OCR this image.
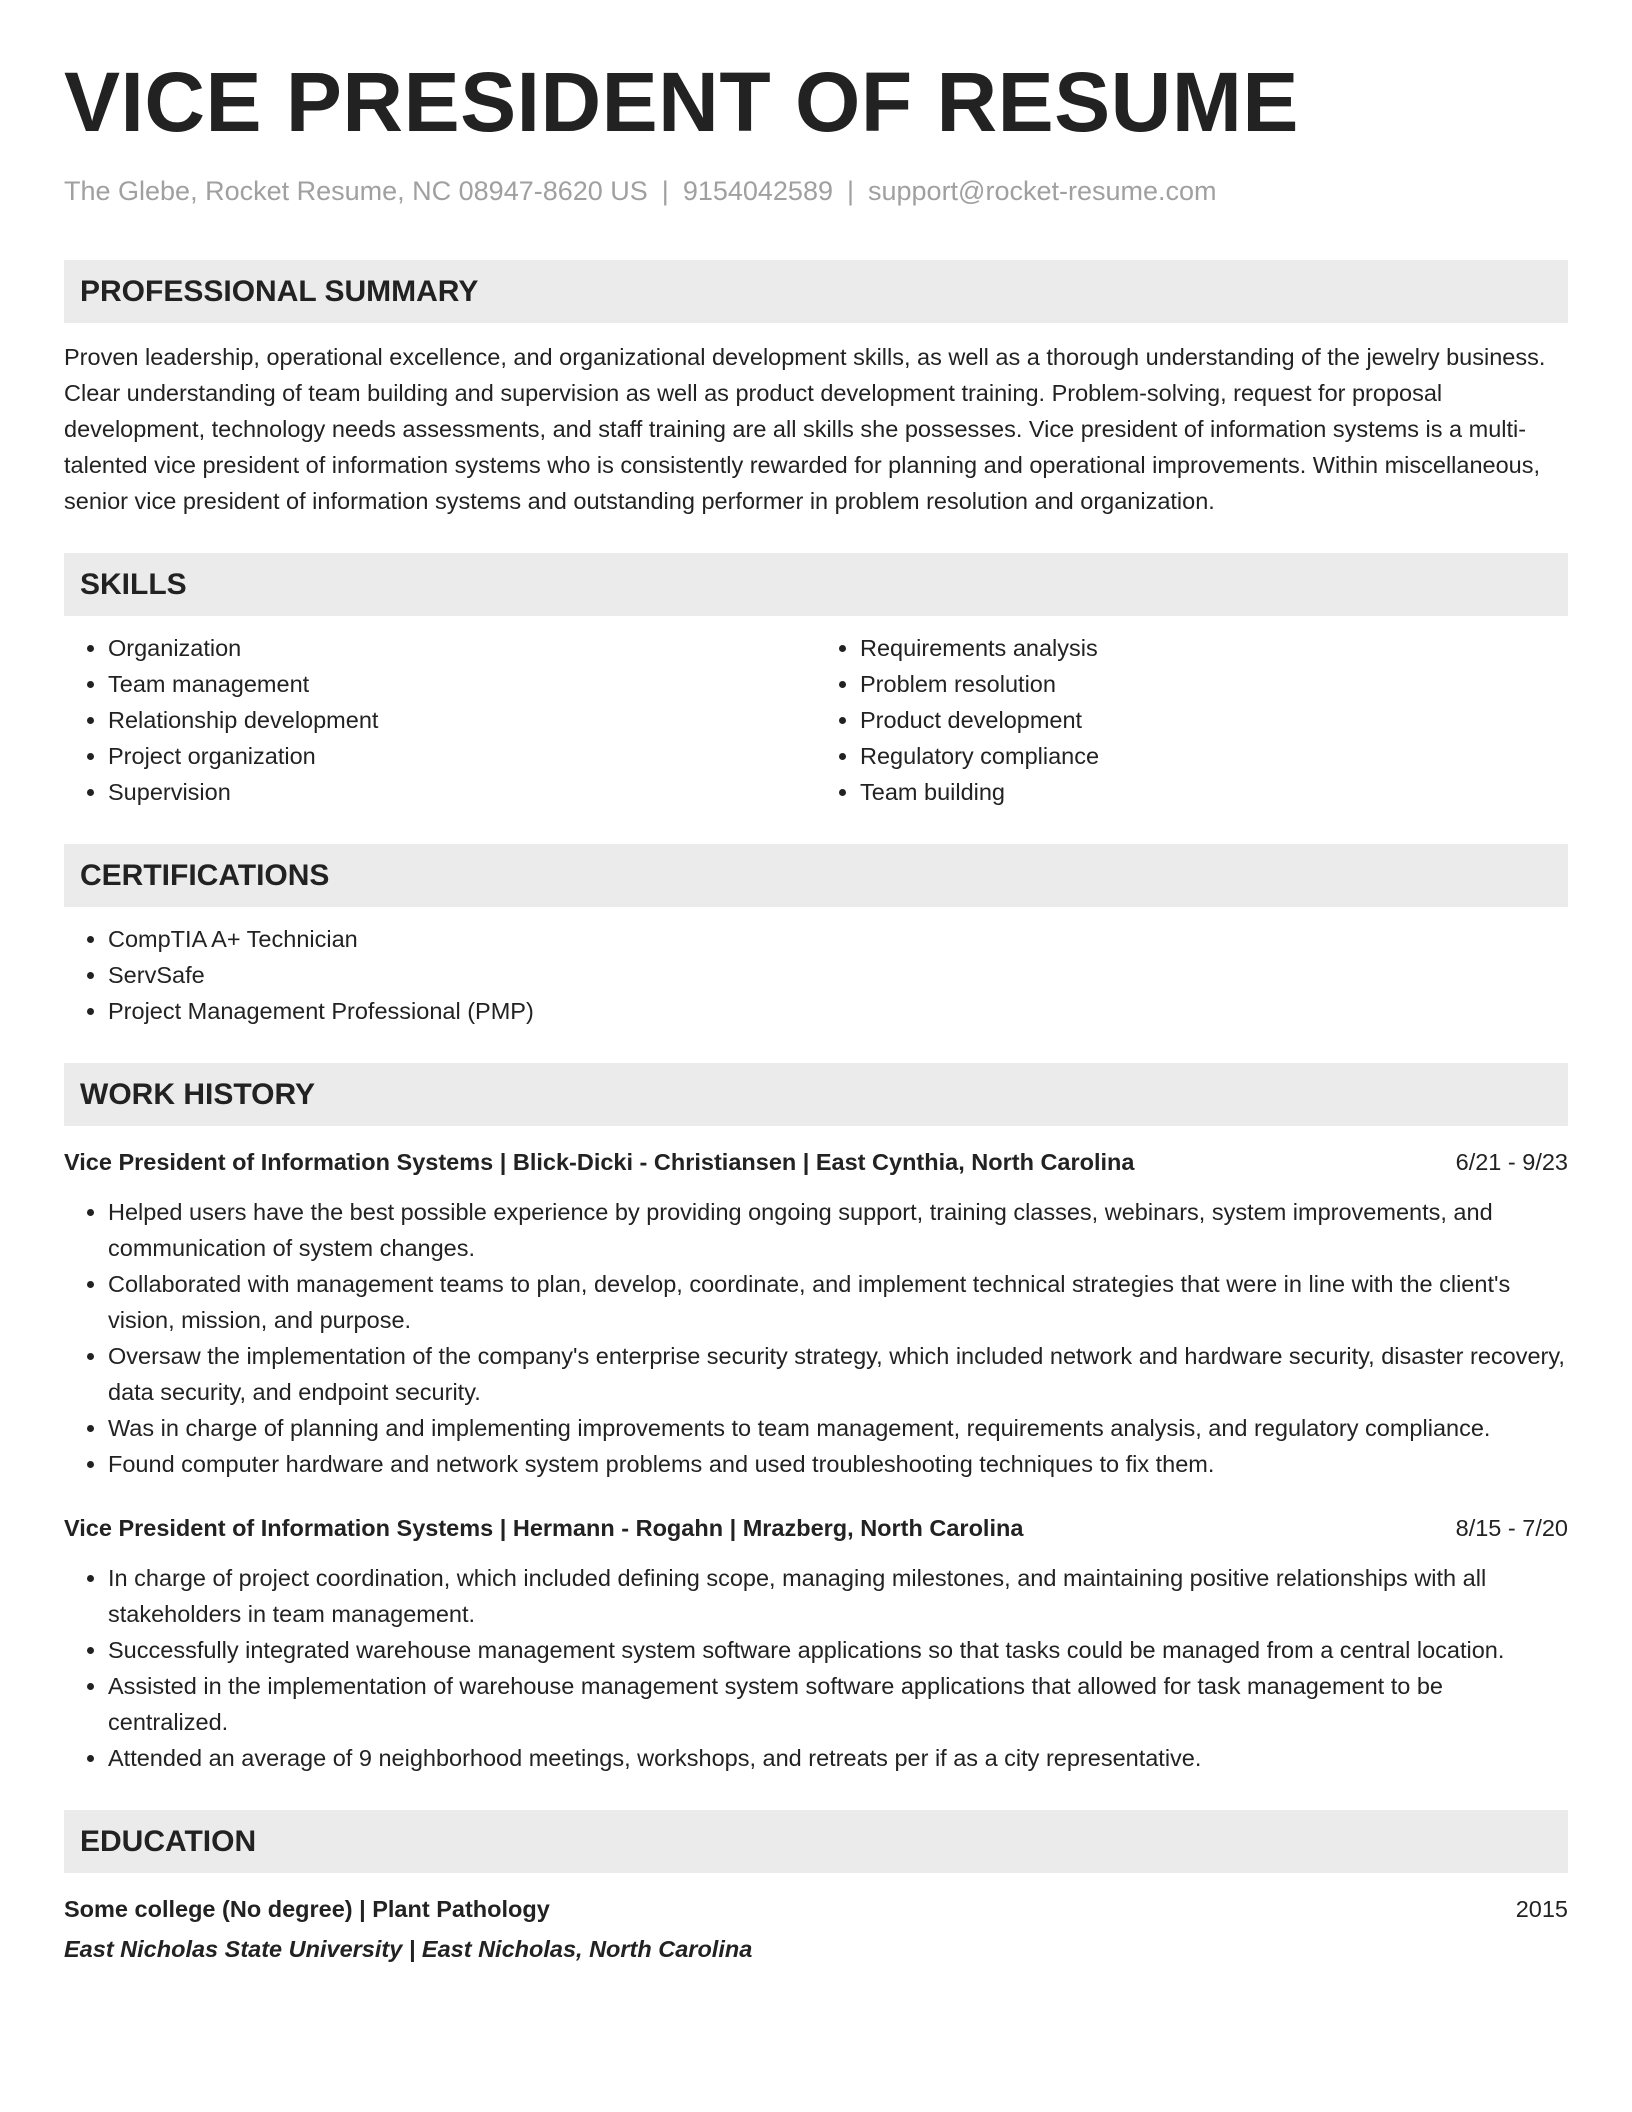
VICE PRESIDENT OF RESUME
The Glebe, Rocket Resume, NC 08947-8620 US | 9154042589 | support@rocket-resume.com
PROFESSIONAL SUMMARY
Proven leadership, operational excellence, and organizational development skills, as well as a thorough understanding of the jewelry business. Clear understanding of team building and supervision as well as product development training. Problem-solving, request for proposal development, technology needs assessments, and staff training are all skills she possesses. Vice president of information systems is a multi-talented vice president of information systems who is consistently rewarded for planning and operational improvements. Within miscellaneous, senior vice president of information systems and outstanding performer in problem resolution and organization.
SKILLS
• Organization
• Team management
• Relationship development
• Project organization
• Supervision
• Requirements analysis
• Problem resolution
• Product development
• Regulatory compliance
• Team building
CERTIFICATIONS
• CompTIA A+ Technician
• ServSafe
• Project Management Professional (PMP)
WORK HISTORY
Vice President of Information Systems | Blick-Dicki - Christiansen | East Cynthia, North Carolina	6/21 - 9/23
• Helped users have the best possible experience by providing ongoing support, training classes, webinars, system improvements, and communication of system changes.
• Collaborated with management teams to plan, develop, coordinate, and implement technical strategies that were in line with the client's vision, mission, and purpose.
• Oversaw the implementation of the company's enterprise security strategy, which included network and hardware security, disaster recovery, data security, and endpoint security.
• Was in charge of planning and implementing improvements to team management, requirements analysis, and regulatory compliance.
• Found computer hardware and network system problems and used troubleshooting techniques to fix them.
Vice President of Information Systems | Hermann - Rogahn | Mrazberg, North Carolina	8/15 - 7/20
• In charge of project coordination, which included defining scope, managing milestones, and maintaining positive relationships with all stakeholders in team management.
• Successfully integrated warehouse management system software applications so that tasks could be managed from a central location.
• Assisted in the implementation of warehouse management system software applications that allowed for task management to be centralized.
• Attended an average of 9 neighborhood meetings, workshops, and retreats per if as a city representative.
EDUCATION
Some college (No degree) | Plant Pathology	2015
East Nicholas State University | East Nicholas, North Carolina
